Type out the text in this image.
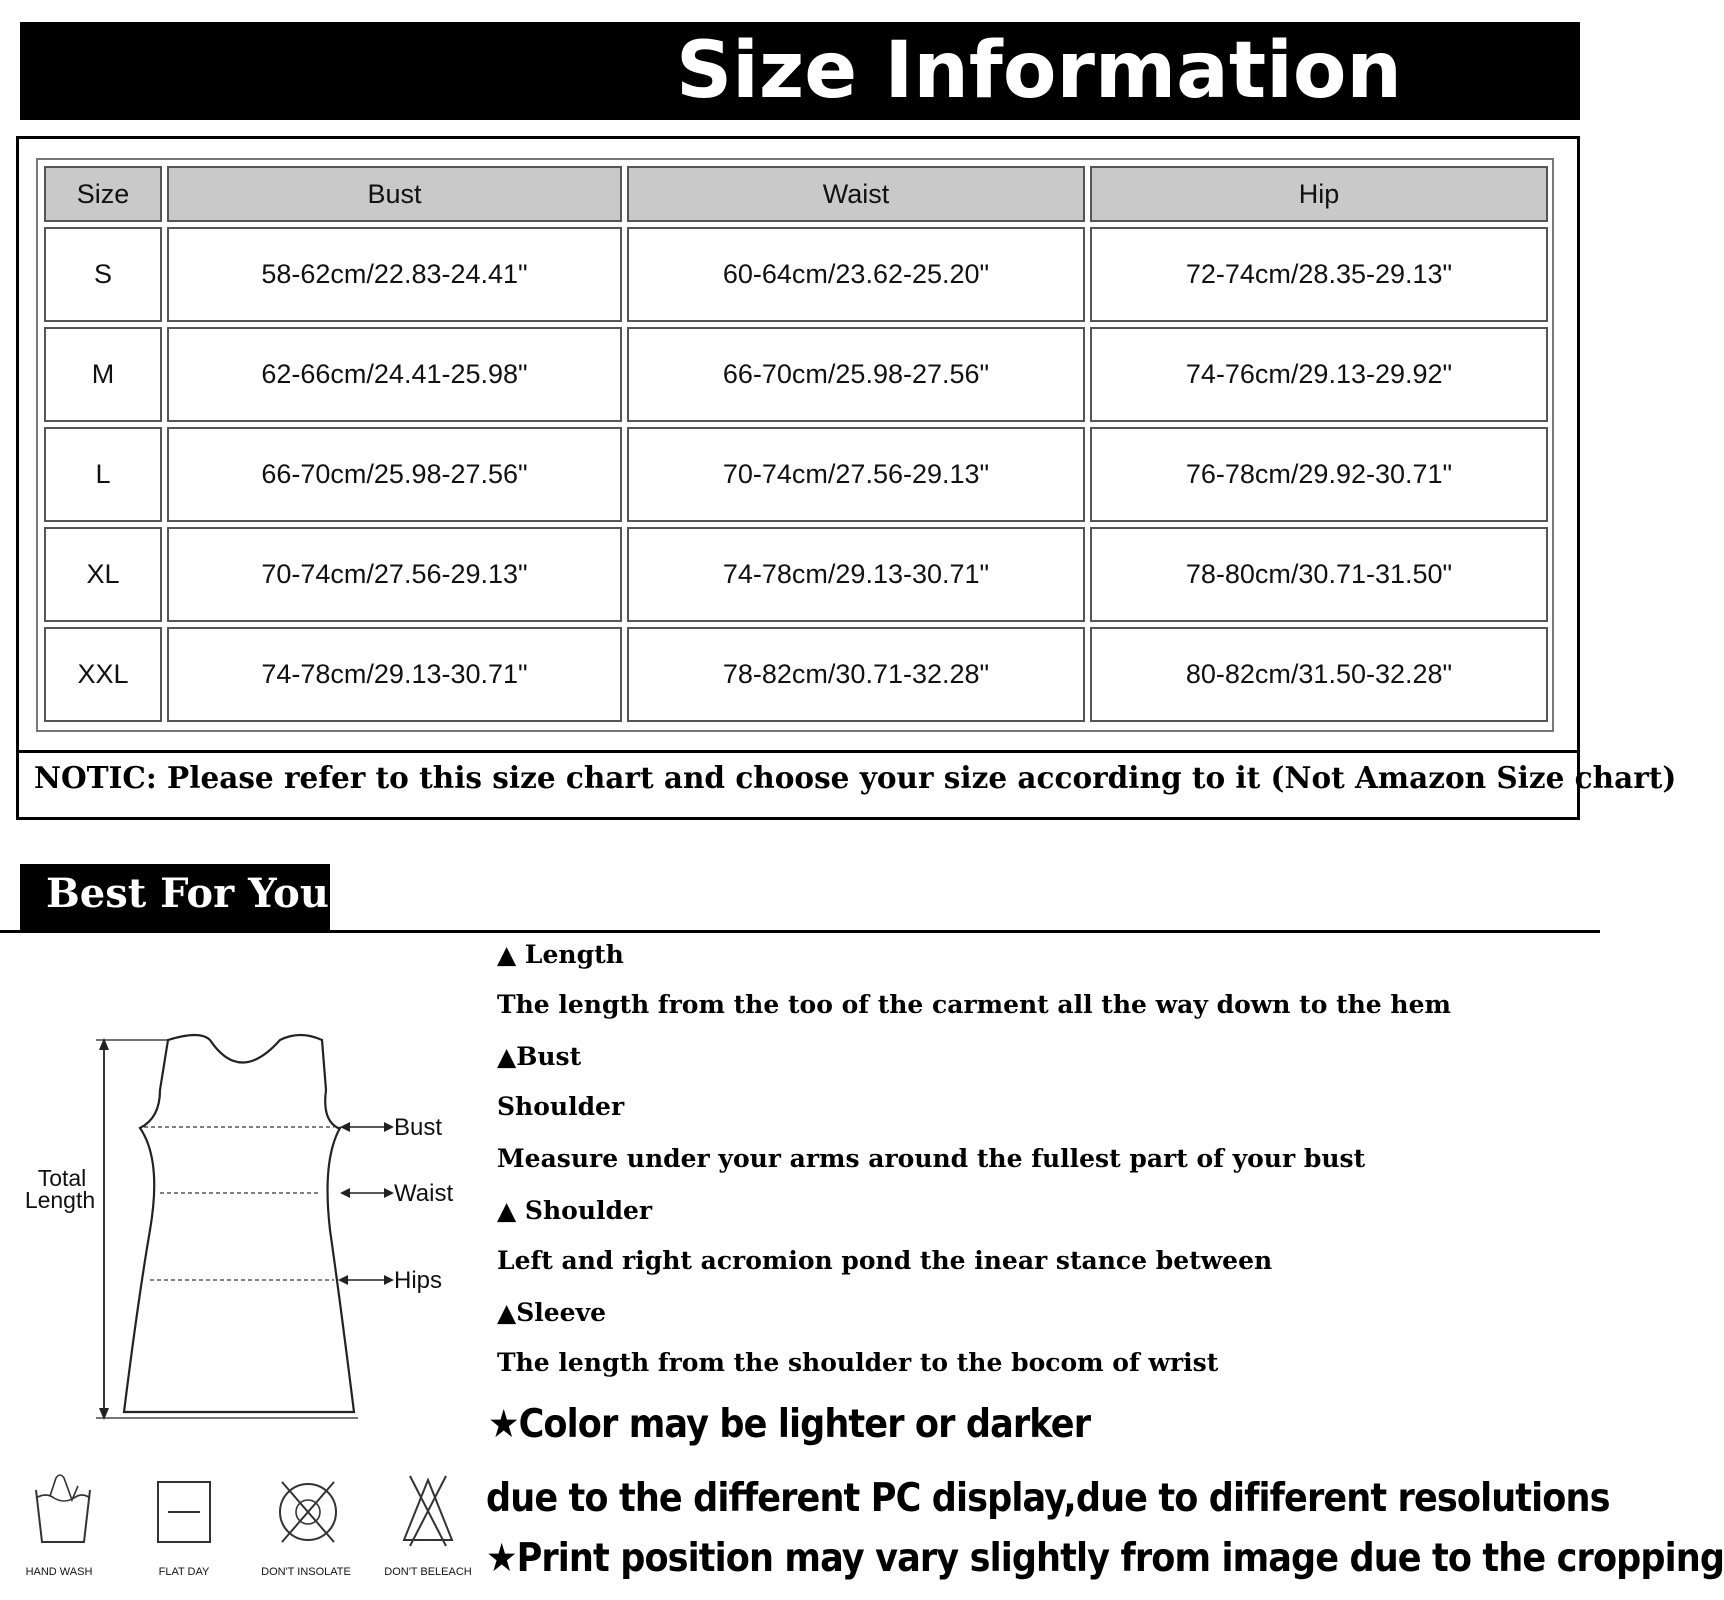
Size Information
Size	Bust	Waist	Hip
S	58-62cm/22.83-24.41"	60-64cm/23.62-25.20"	72-74cm/28.35-29.13"
M	62-66cm/24.41-25.98"	66-70cm/25.98-27.56"	74-76cm/29.13-29.92"
L	66-70cm/25.98-27.56"	70-74cm/27.56-29.13"	76-78cm/29.92-30.71"
XL	70-74cm/27.56-29.13"	74-78cm/29.13-30.71"	78-80cm/30.71-31.50"
XXL	74-78cm/29.13-30.71"	78-82cm/30.71-32.28"	80-82cm/31.50-32.28"
NOTIC: Please refer to this size chart and choose your size according to it (Not Amazon Size chart)
Best For You
Total
Length
Bust
Waist
Hips
▲ Length
The length from the too of the carment all the way down to the hem
▲Bust
Shoulder
Measure under your arms around the fullest part of your bust
▲ Shoulder
Left and right acromion pond the inear stance between
▲Sleeve
The length from the shoulder to the bocom of wrist
★Color may be lighter or darker
due to the different PC display,due to dififerent resolutions
★Print position may vary slightly from image due to the cropping
HAND WASH	FLAT DAY	DON'T INSOLATE	DON'T BELEACH
